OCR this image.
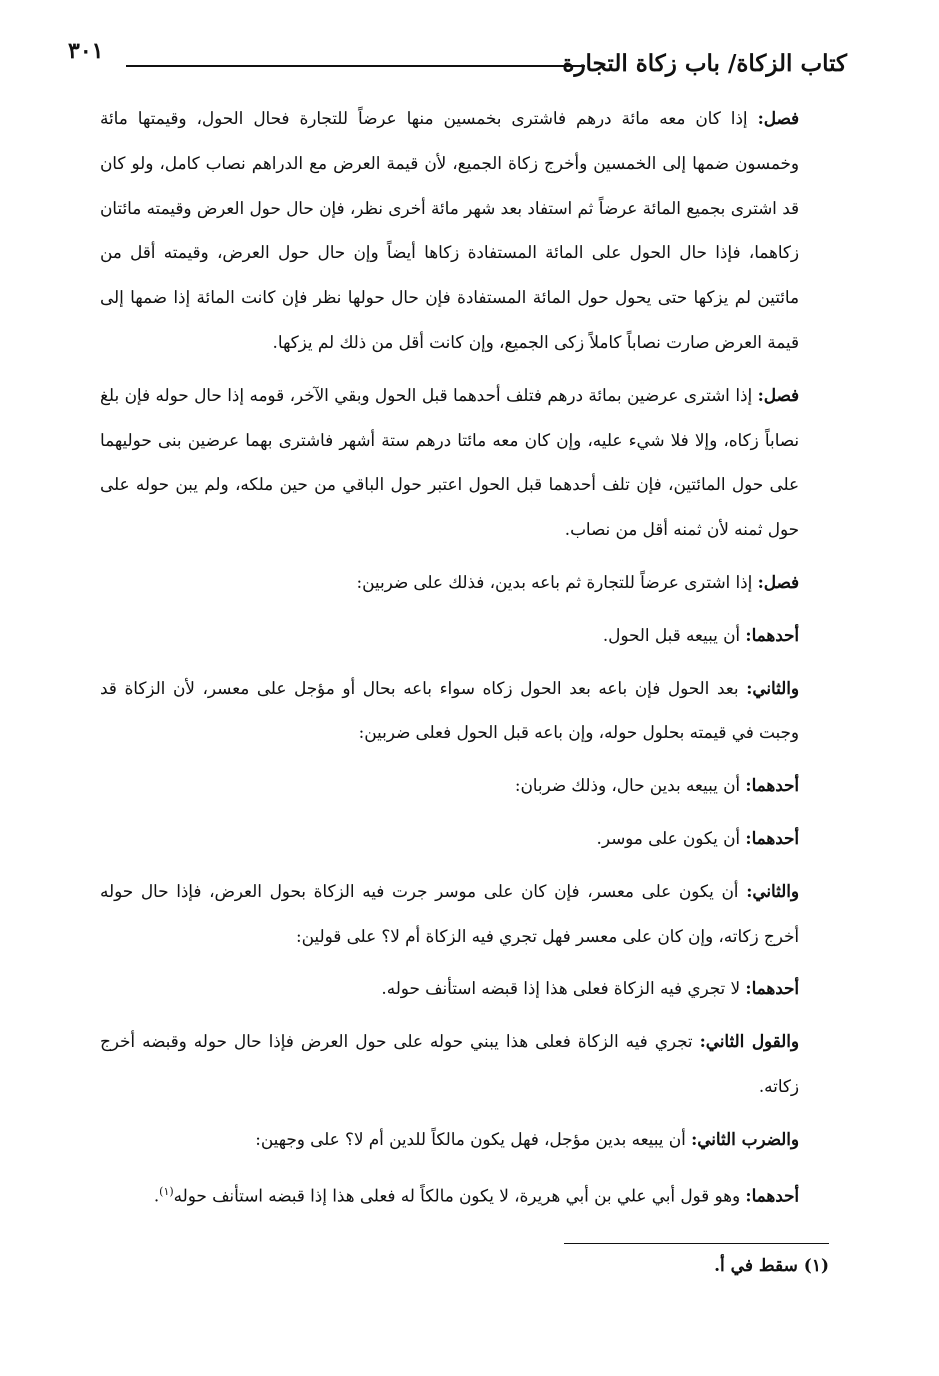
كتاب الزكاة/ باب زكاة التجارة
٣٠١

فصل: إذا كان معه مائة درهم فاشترى بخمسين منها عرضاً للتجارة فحال الحول، وقيمتها مائة وخمسون ضمها إلى الخمسين وأخرج زكاة الجميع، لأن قيمة العرض مع الدراهم نصاب كامل، ولو كان قد اشترى بجميع المائة عرضاً ثم استفاد بعد شهر مائة أخرى نظر، فإن حال حول العرض وقيمته مائتان زكاهما، فإذا حال الحول على المائة المستفادة زكاها أيضاً وإن حال حول العرض، وقيمته أقل من مائتين لم يزكها حتى يحول حول المائة المستفادة فإن حال حولها نظر فإن كانت المائة إذا ضمها إلى قيمة العرض صارت نصاباً كاملاً زكى الجميع، وإن كانت أقل من ذلك لم يزكها.

فصل: إذا اشترى عرضين بمائة درهم فتلف أحدهما قبل الحول وبقي الآخر، قومه إذا حال حوله فإن بلغ نصاباً زكاه، وإلا فلا شيء عليه، وإن كان معه مائتا درهم ستة أشهر فاشترى بهما عرضين بنى حوليهما على حول المائتين، فإن تلف أحدهما قبل الحول اعتبر حول الباقي من حين ملكه، ولم يبن حوله على حول ثمنه لأن ثمنه أقل من نصاب.

فصل: إذا اشترى عرضاً للتجارة ثم باعه بدين، فذلك على ضربين:

أحدهما: أن يبيعه قبل الحول.

والثاني: بعد الحول فإن باعه بعد الحول زكاه سواء باعه بحال أو مؤجل على معسر، لأن الزكاة قد وجبت في قيمته بحلول حوله، وإن باعه قبل الحول فعلى ضربين:

أحدهما: أن يبيعه بدين حال، وذلك ضربان:

أحدهما: أن يكون على موسر.

والثاني: أن يكون على معسر، فإن كان على موسر جرت فيه الزكاة بحول العرض، فإذا حال حوله أخرج زكاته، وإن كان على معسر فهل تجري فيه الزكاة أم لا؟ على قولين:

أحدهما: لا تجري فيه الزكاة فعلى هذا إذا قبضه استأنف حوله.

والقول الثاني: تجري فيه الزكاة فعلى هذا يبني حوله على حول العرض فإذا حال حوله وقبضه أخرج زكاته.

والضرب الثاني: أن يبيعه بدين مؤجل، فهل يكون مالكاً للدين أم لا؟ على وجهين:

أحدهما: وهو قول أبي علي بن أبي هريرة، لا يكون مالكاً له فعلى هذا إذا قبضه استأنف حوله$^{(١)}$.

(١) سقط في أ.
